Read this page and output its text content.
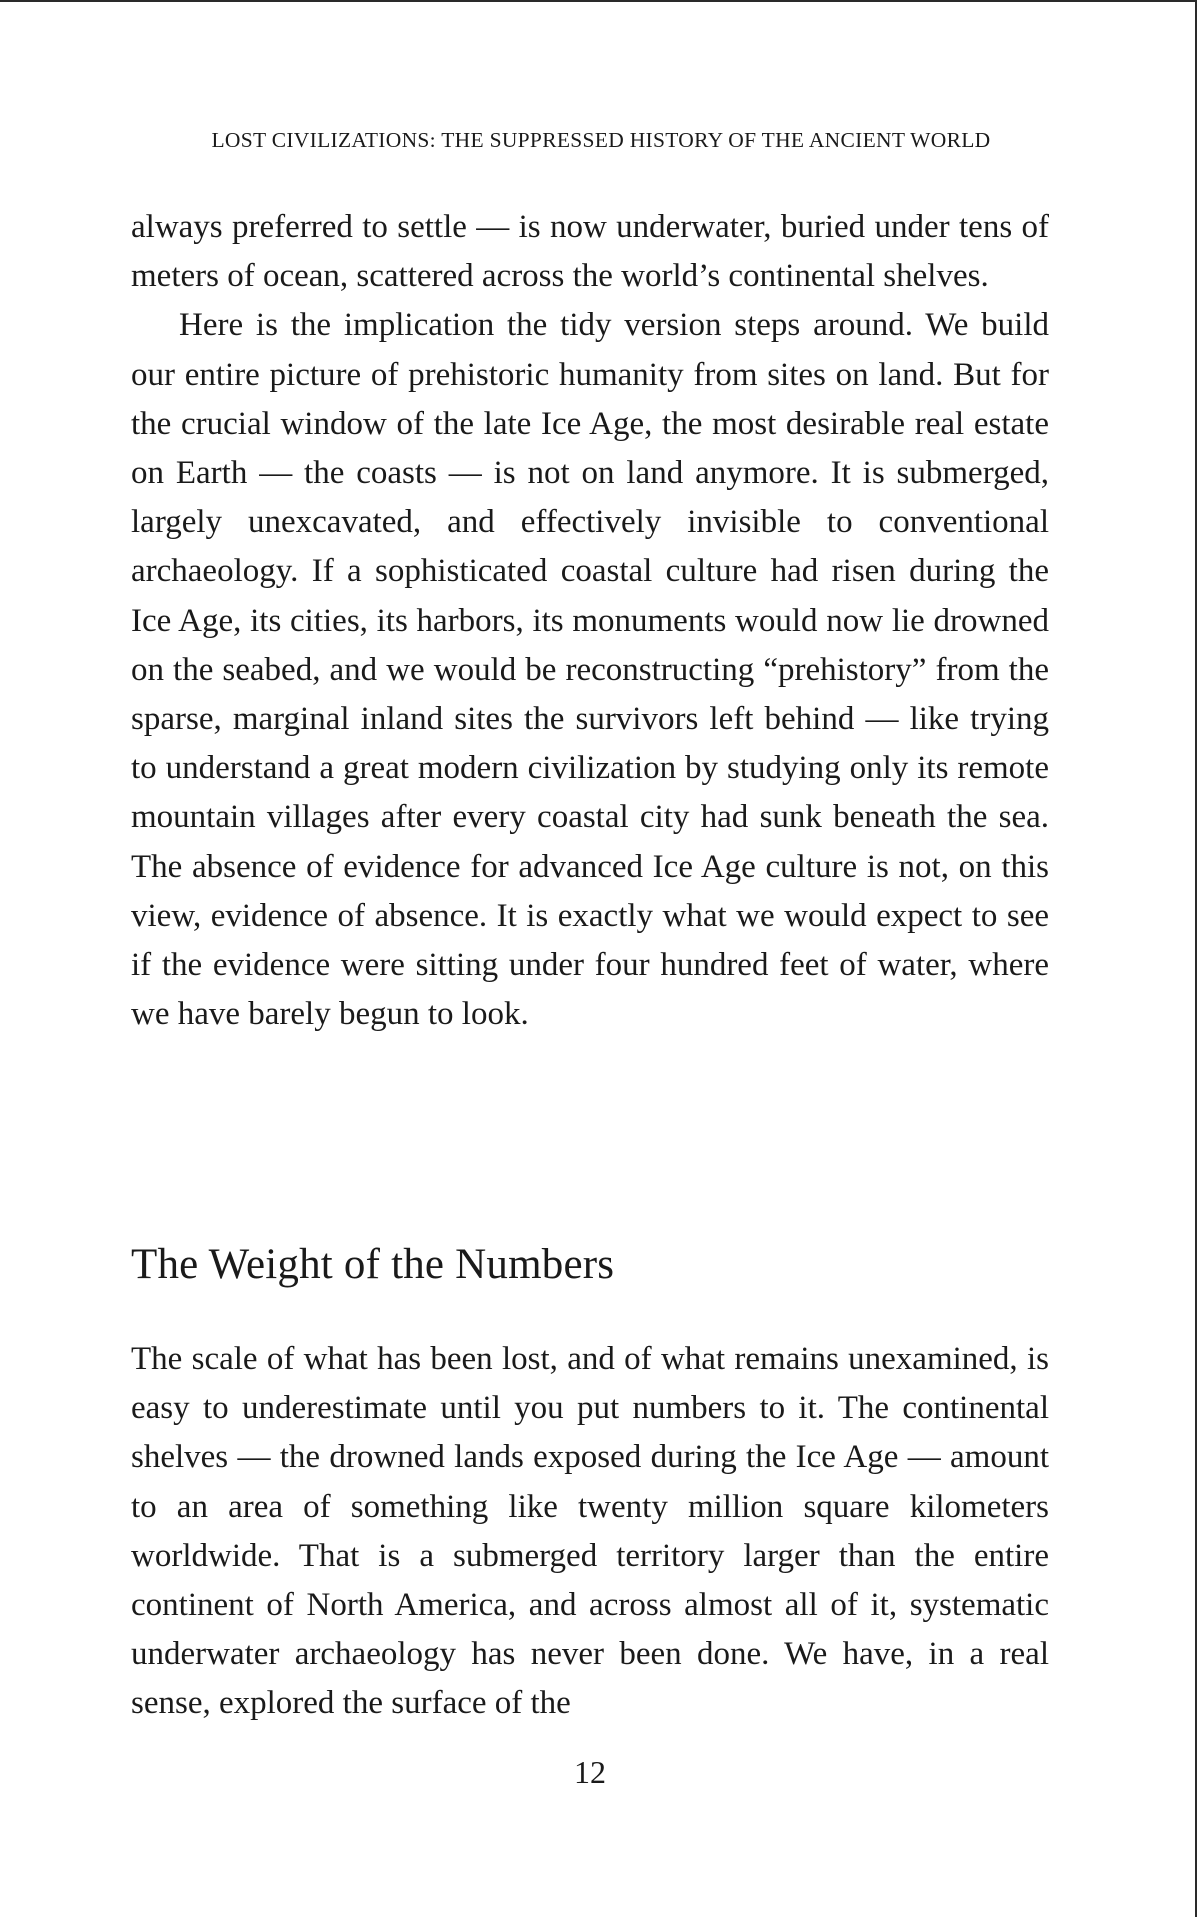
LOST CIVILIZATIONS: THE SUPPRESSED HISTORY OF THE ANCIENT WORLD

always preferred to settle — is now underwater, buried under tens of meters of ocean, scattered across the world’s continental shelves.

Here is the implication the tidy version steps around. We build our entire picture of prehistoric humanity from sites on land. But for the crucial window of the late Ice Age, the most desirable real estate on Earth — the coasts — is not on land anymore. It is submerged, largely unexcavated, and effectively invisible to conventional archaeology. If a sophisticated coastal culture had risen during the Ice Age, its cities, its harbors, its monuments would now lie drowned on the seabed, and we would be reconstructing “prehistory” from the sparse, marginal inland sites the survivors left behind — like trying to understand a great modern civilization by studying only its remote mountain villages after every coastal city had sunk beneath the sea. The absence of evidence for advanced Ice Age culture is not, on this view, evidence of absence. It is exactly what we would expect to see if the evidence were sitting under four hundred feet of water, where we have barely begun to look.

The Weight of the Numbers

The scale of what has been lost, and of what remains unexamined, is easy to underestimate until you put numbers to it. The continental shelves — the drowned lands exposed during the Ice Age — amount to an area of something like twenty million square kilometers worldwide. That is a submerged territory larger than the entire continent of North America, and across almost all of it, systematic underwater archaeology has never been done. We have, in a real sense, explored the surface of the

12
